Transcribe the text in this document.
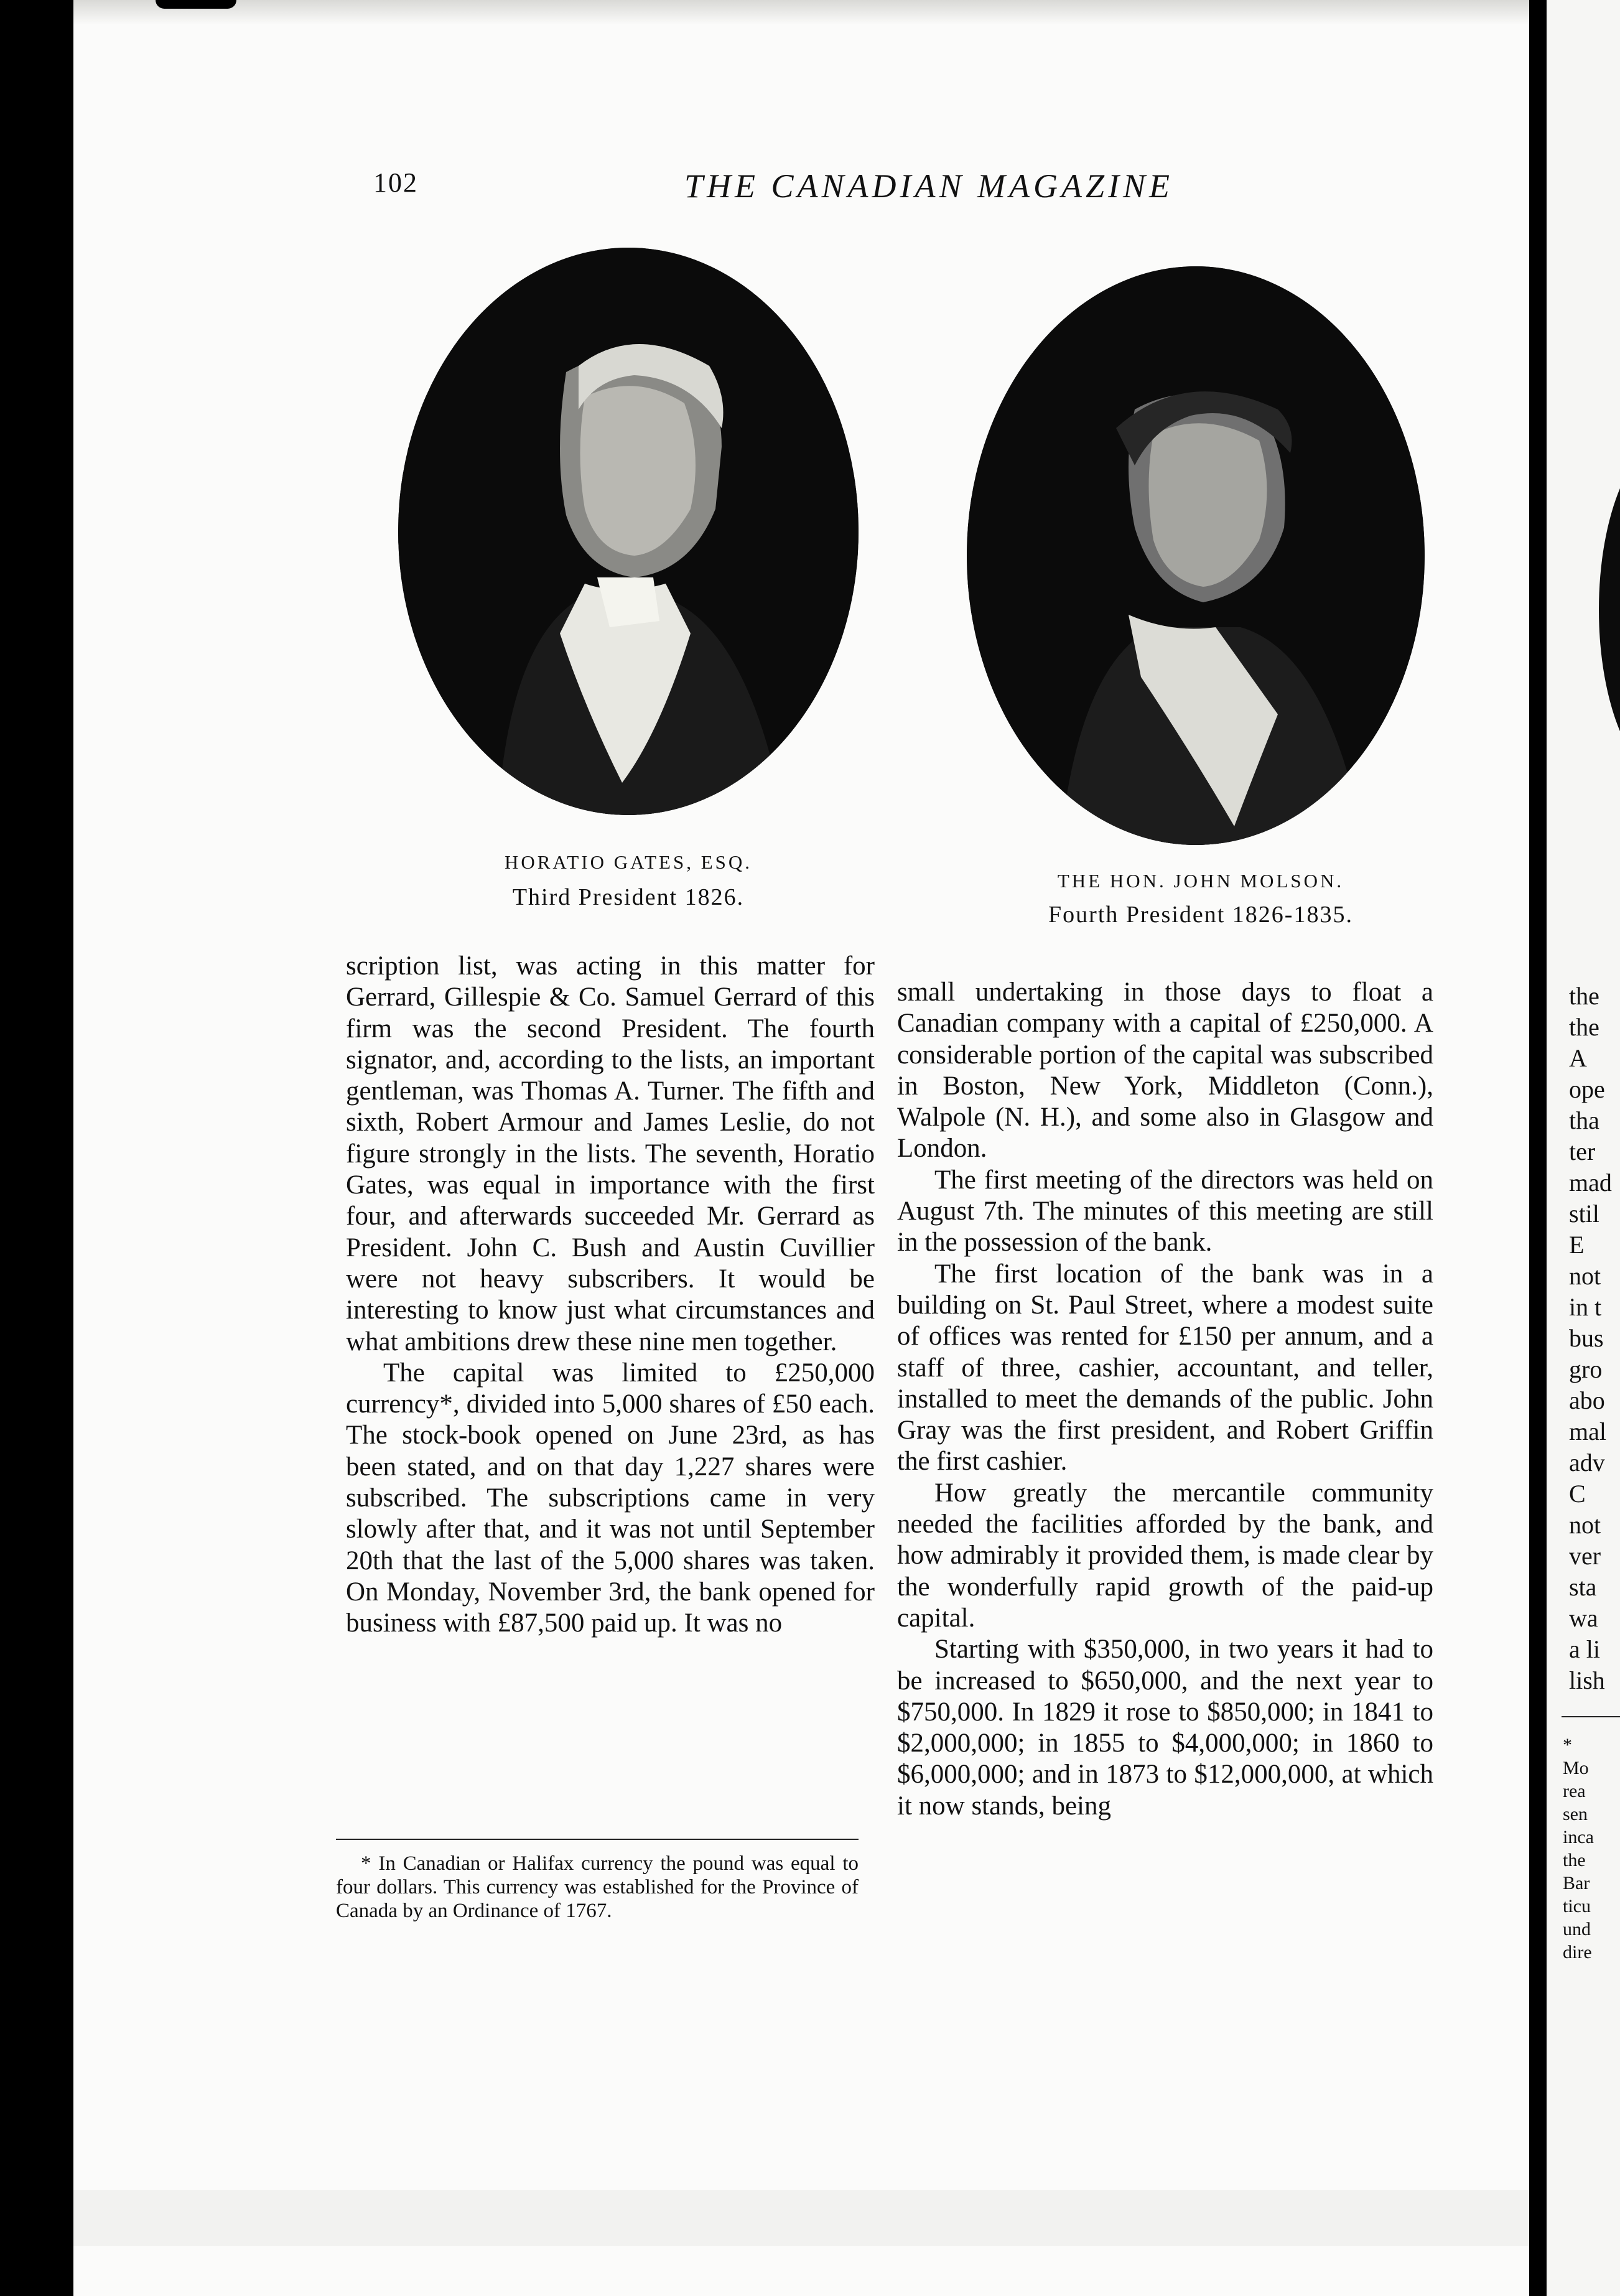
102	THE CANADIAN MAGAZINE
HORATIO GATES, ESQ.
Third President 1826.
THE HON. JOHN MOLSON.
Fourth President 1826-1835.

scription list, was acting in this matter for Gerrard, Gillespie & Co. Samuel Gerrard of this firm was the second President. The fourth signator, and, according to the lists, an important gentleman, was Thomas A. Turner. The fifth and sixth, Robert Armour and James Leslie, do not figure strongly in the lists. The seventh, Horatio Gates, was equal in importance with the first four, and afterwards succeeded Mr. Gerrard as President. John C. Bush and Austin Cuvillier were not heavy subscribers. It would be interesting to know just what circumstances and what ambitions drew these nine men together.

The capital was limited to £250,000 currency*, divided into 5,000 shares of £50 each. The stock-book opened on June 23rd, as has been stated, and on that day 1,227 shares were subscribed. The subscriptions came in very slowly after that, and it was not until September 20th that the last of the 5,000 shares was taken. On Monday, November 3rd, the bank opened for business with £87,500 paid up. It was no

* In Canadian or Halifax currency the pound was equal to four dollars. This currency was established for the Province of Canada by an Ordinance of 1767.

small undertaking in those days to float a Canadian company with a capital of £250,000. A considerable portion of the capital was subscribed in Boston, New York, Middleton (Conn.), Walpole (N. H.), and some also in Glasgow and London.

The first meeting of the directors was held on August 7th. The minutes of this meeting are still in the possession of the bank.

The first location of the bank was in a building on St. Paul Street, where a modest suite of offices was rented for £150 per annum, and a staff of three, cashier, accountant, and teller, installed to meet the demands of the public. John Gray was the first president, and Robert Griffin the first cashier.

How greatly the mercantile community needed the facilities afforded by the bank, and how admirably it provided them, is made clear by the wonderfully rapid growth of the paid-up capital.

Starting with $350,000, in two years it had to be increased to $650,000, and the next year to $750,000. In 1829 it rose to $850,000; in 1841 to $2,000,000; in 1855 to $4,000,000; in 1860 to $6,000,000; and in 1873 to $12,000,000, at which it now stands, being

the
the
A
ope
tha
ter
mad
stil
E
not
in t
bus
gro
abo
mal
adv
C
not
ver
sta
wa
a li
lish
*
Mo
rea
sen
inca
the
Bar
ticu
und
dire
